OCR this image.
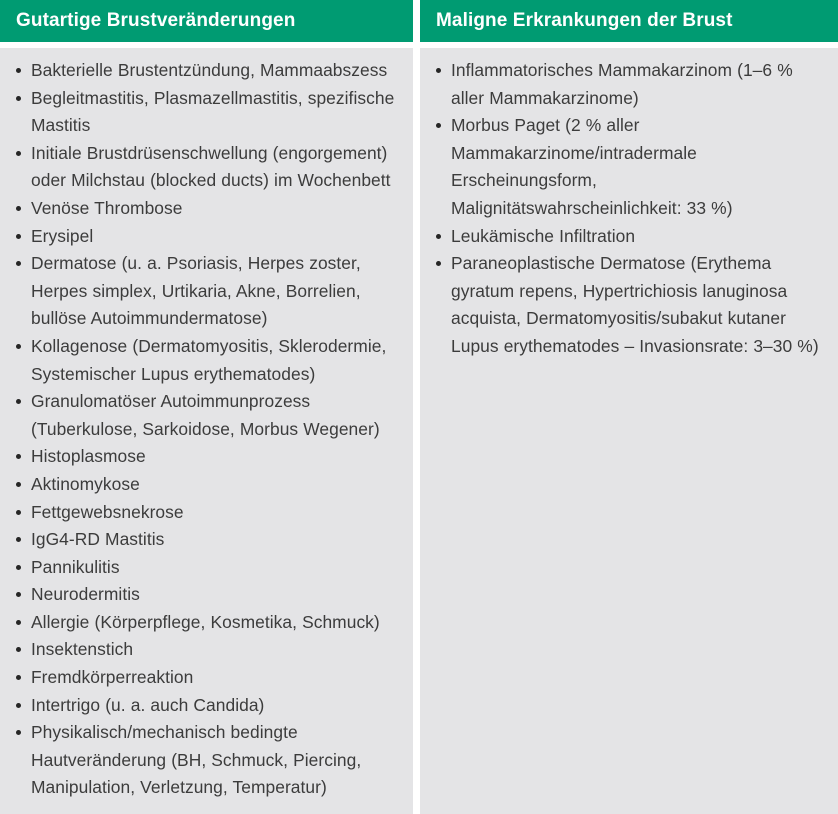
Gutartige Brustveränderungen	Maligne Erkrankungen der Brust
Bakterielle Brustentzündung, Mammaabszess
Begleitmastitis, Plasmazellmastitis, spezifische Mastitis
Initiale Brustdrüsenschwellung (engorgement) oder Milchstau (blocked ducts) im Wochenbett
Venöse Thrombose
Erysipel
Dermatose (u. a. Psoriasis, Herpes zoster, Herpes simplex, Urtikaria, Akne, Borrelien, bullöse Autoimmundermatose)
Kollagenose (Dermatomyositis, Sklerodermie, Systemischer Lupus erythematodes)
Granulomatöser Autoimmunprozess (Tuberkulose, Sarkoidose, Morbus Wegener)
Histoplasmose
Aktinomykose
Fettgewebsnekrose
IgG4-RD Mastitis
Pannikulitis
Neurodermitis
Allergie (Körperpflege, Kosmetika, Schmuck)
Insektenstich
Fremdkörperreaktion
Intertrigo (u. a. auch Candida)
Physikalisch/mechanisch bedingte Hautveränderung (BH, Schmuck, Piercing, Manipulation, Verletzung, Temperatur)
Inflammatorisches Mammakarzinom (1–6 % aller Mammakarzinome)
Morbus Paget (2 % aller Mammakarzinome/intradermale Erscheinungsform, Malignitätswahrscheinlichkeit: 33 %)
Leukämische Infiltration
Paraneoplastische Dermatose (Erythema gyratum repens, Hypertrichiosis lanuginosa acquista, Dermatomyositis/subakut kutaner Lupus erythematodes – Invasionsrate: 3–30 %)
